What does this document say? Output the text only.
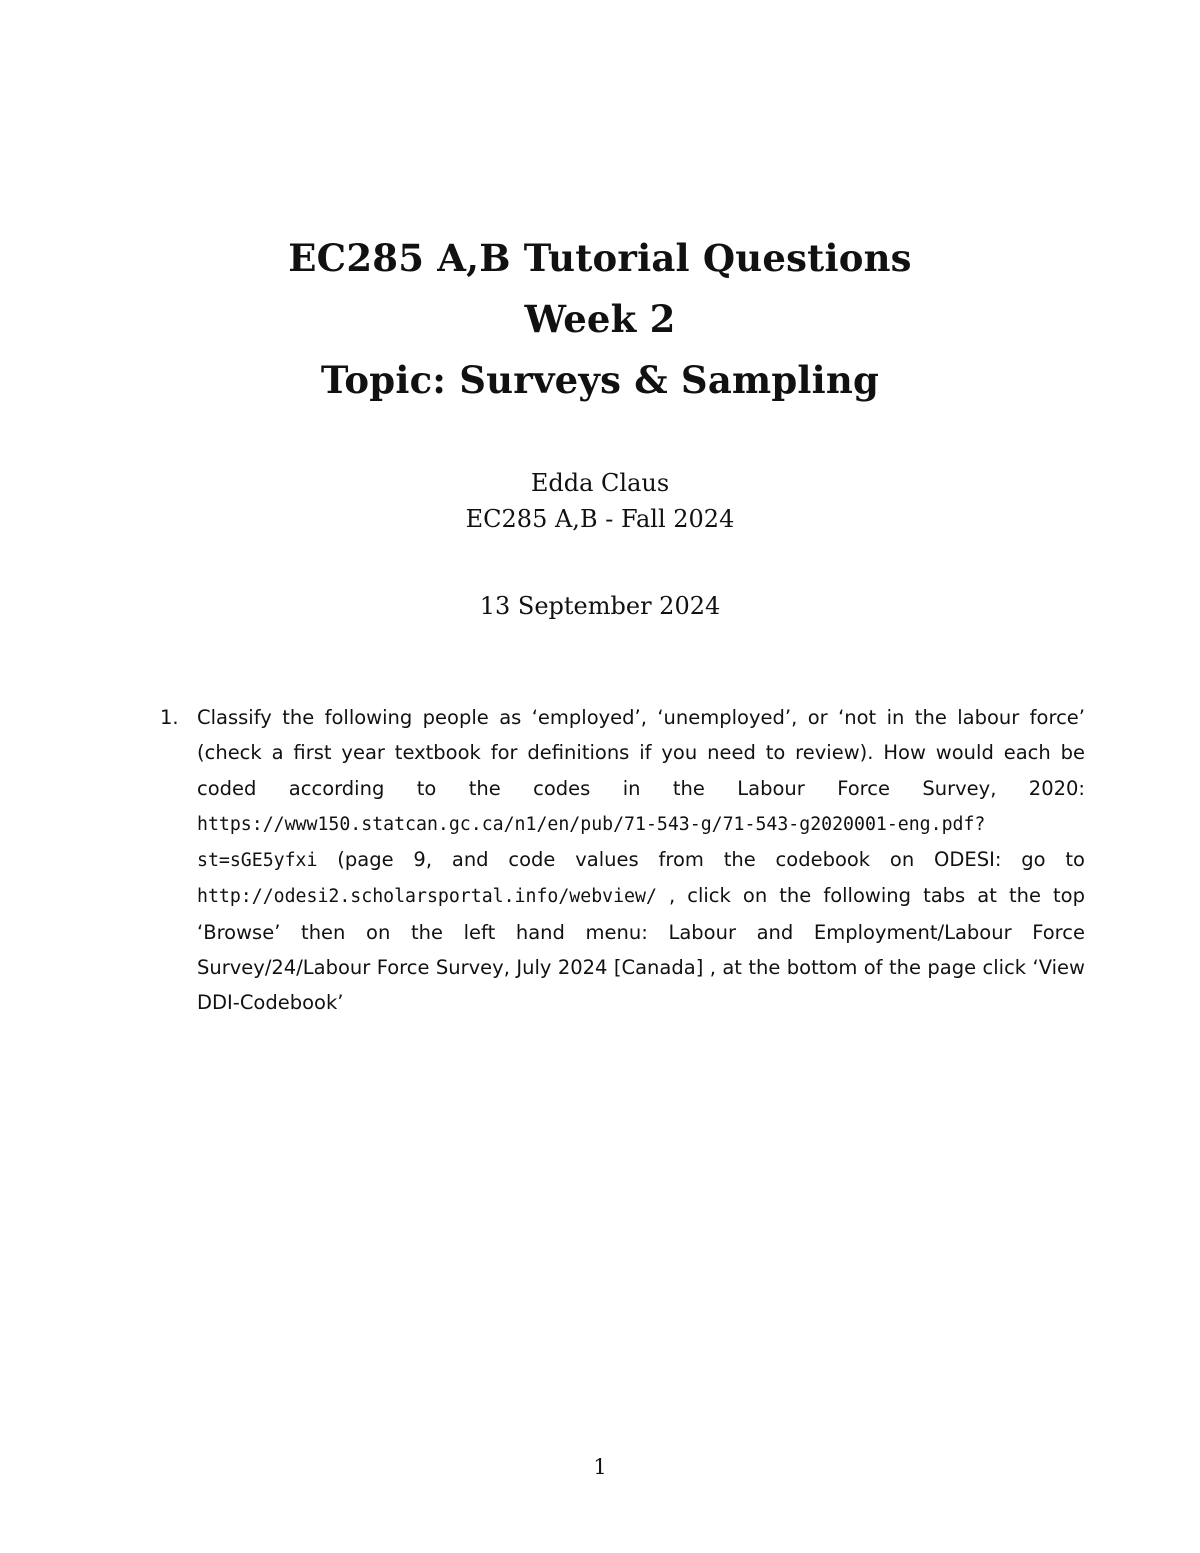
EC285 A,B Tutorial Questions
Week 2
Topic: Surveys & Sampling
Edda Claus
EC285 A,B - Fall 2024
13 September 2024
1. Classify the following people as ‘employed’, ‘unemployed’, or ‘not in the labour force’ (check a first year textbook for definitions if you need to review). How would each be coded according to the codes in the Labour Force Survey, 2020: https://www150.statcan.gc.ca/n1/en/pub/71-543-g/71-543-g2020001-eng.pdf?st=sGE5yfxi (page 9, and code values from the codebook on ODESI: go to http://odesi2.scholarsportal.info/webview/ , click on the following tabs at the top ‘Browse’ then on the left hand menu: Labour and Employment/Labour Force Survey/24/Labour Force Survey, July 2024 [Canada] , at the bottom of the page click ‘View DDI-Codebook’
1
